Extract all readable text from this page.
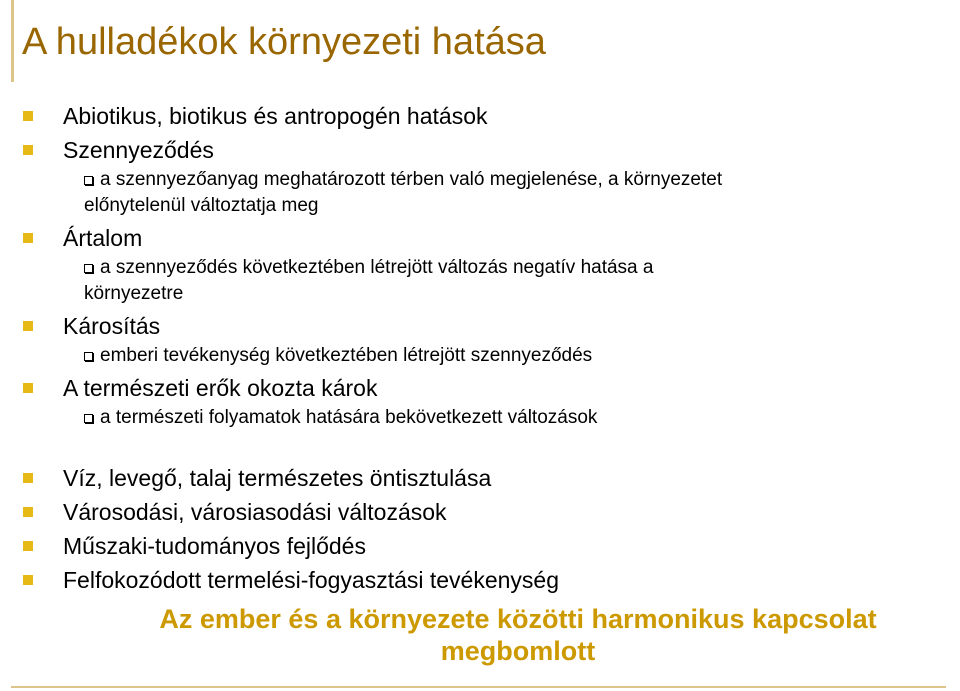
A hulladékok környezeti hatása
Abiotikus, biotikus és antropogén hatások
Szennyeződés
a szennyezőanyag meghatározott térben való megjelenése, a környezetet
előnytelenül változtatja meg
Ártalom
a szennyeződés következtében létrejött változás negatív hatása a
környezetre
Károsítás
emberi tevékenység következtében létrejött szennyeződés
A természeti erők okozta károk
a természeti folyamatok hatására bekövetkezett változások
Víz, levegő, talaj természetes öntisztulása
Városodási, városiasodási változások
Műszaki-tudományos fejlődés
Felfokozódott termelési-fogyasztási tevékenység
Az ember és a környezete közötti harmonikus kapcsolat
megbomlott
